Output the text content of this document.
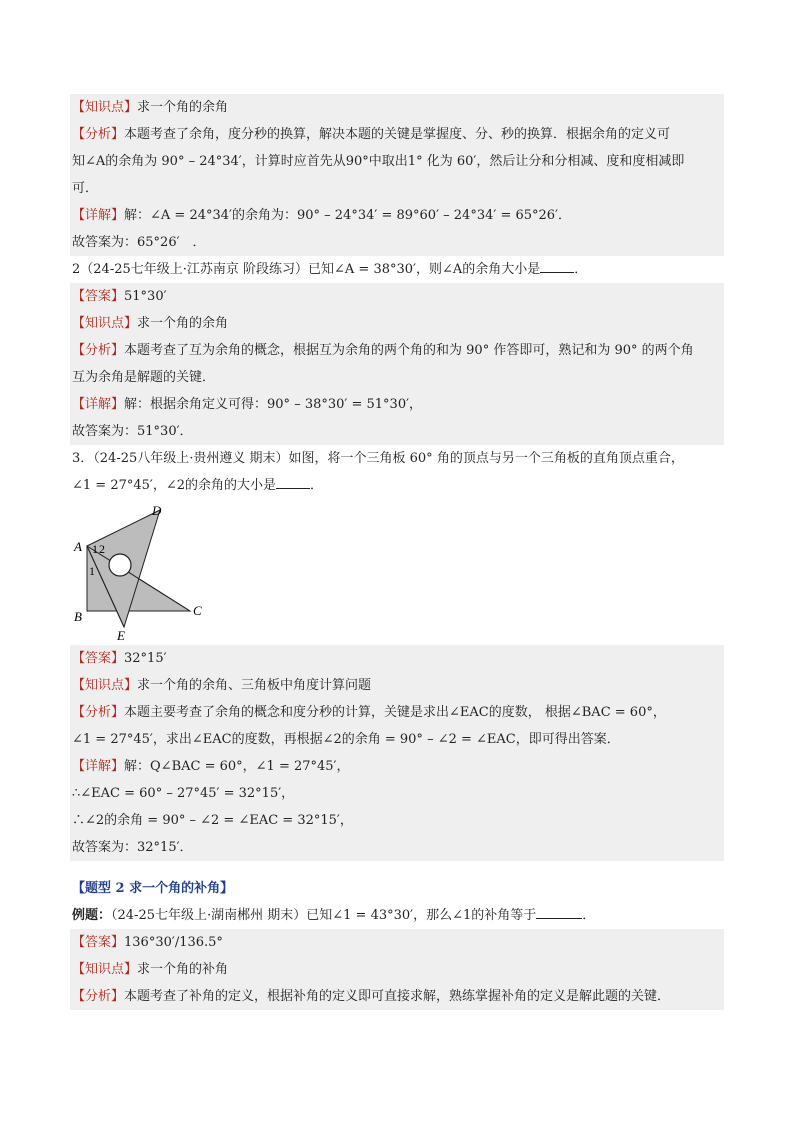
【知识点】求一个角的余角
【分析】本题考查了余角，度分秒的换算，解决本题的关键是掌握度、分、秒的换算．根据余角的定义可
知∠A的余角为 90° – 24°34′，计算时应首先从90°中取出1° 化为 60′，然后让分和分相减、度和度相减即
可．
【详解】解：∠A = 24°34′的余角为：90° – 24°34′ = 89°60′ – 24°34′ = 65°26′．
故答案为：65°26′　．
2（24-25七年级上·江苏南京 阶段练习）已知∠A = 38°30′，则∠A的余角大小是	．
【答案】51°30′
【知识点】求一个角的余角
【分析】本题考查了互为余角的概念，根据互为余角的两个角的和为 90° 作答即可，熟记和为 90° 的两个角
互为余角是解题的关键．
【详解】解：根据余角定义可得：90° – 38°30′ = 51°30′，
故答案为：51°30′．
3．（24-25八年级上·贵州遵义 期末）如图，将一个三角板 60° 角的顶点与另一个三角板的直角顶点重合，
∠1 = 27°45′，∠2的余角的大小是	．
A
B	C
D
E
1
1 2
【答案】32°15′
【知识点】求一个角的余角、三角板中角度计算问题
【分析】本题主要考查了余角的概念和度分秒的计算，关键是求出∠EAC的度数， 根据∠BAC = 60°，
∠1 = 27°45′，求出∠EAC的度数，再根据∠2的余角 = 90° – ∠2 = ∠EAC，即可得出答案．
【详解】解：Q∠BAC = 60°，∠1 = 27°45′，
∴∠EAC = 60° – 27°45′ = 32°15′，
∴∠2的余角 = 90° – ∠2 = ∠EAC = 32°15′，
故答案为：32°15′．
【题型 2 求一个角的补角】
例题：（24-25七年级上·湖南郴州 期末）已知∠1 = 43°30′，那么∠1的补角等于	．
【答案】136°30′/136.5°
【知识点】求一个角的补角
【分析】本题考查了补角的定义，根据补角的定义即可直接求解，熟练掌握补角的定义是解此题的关键．
